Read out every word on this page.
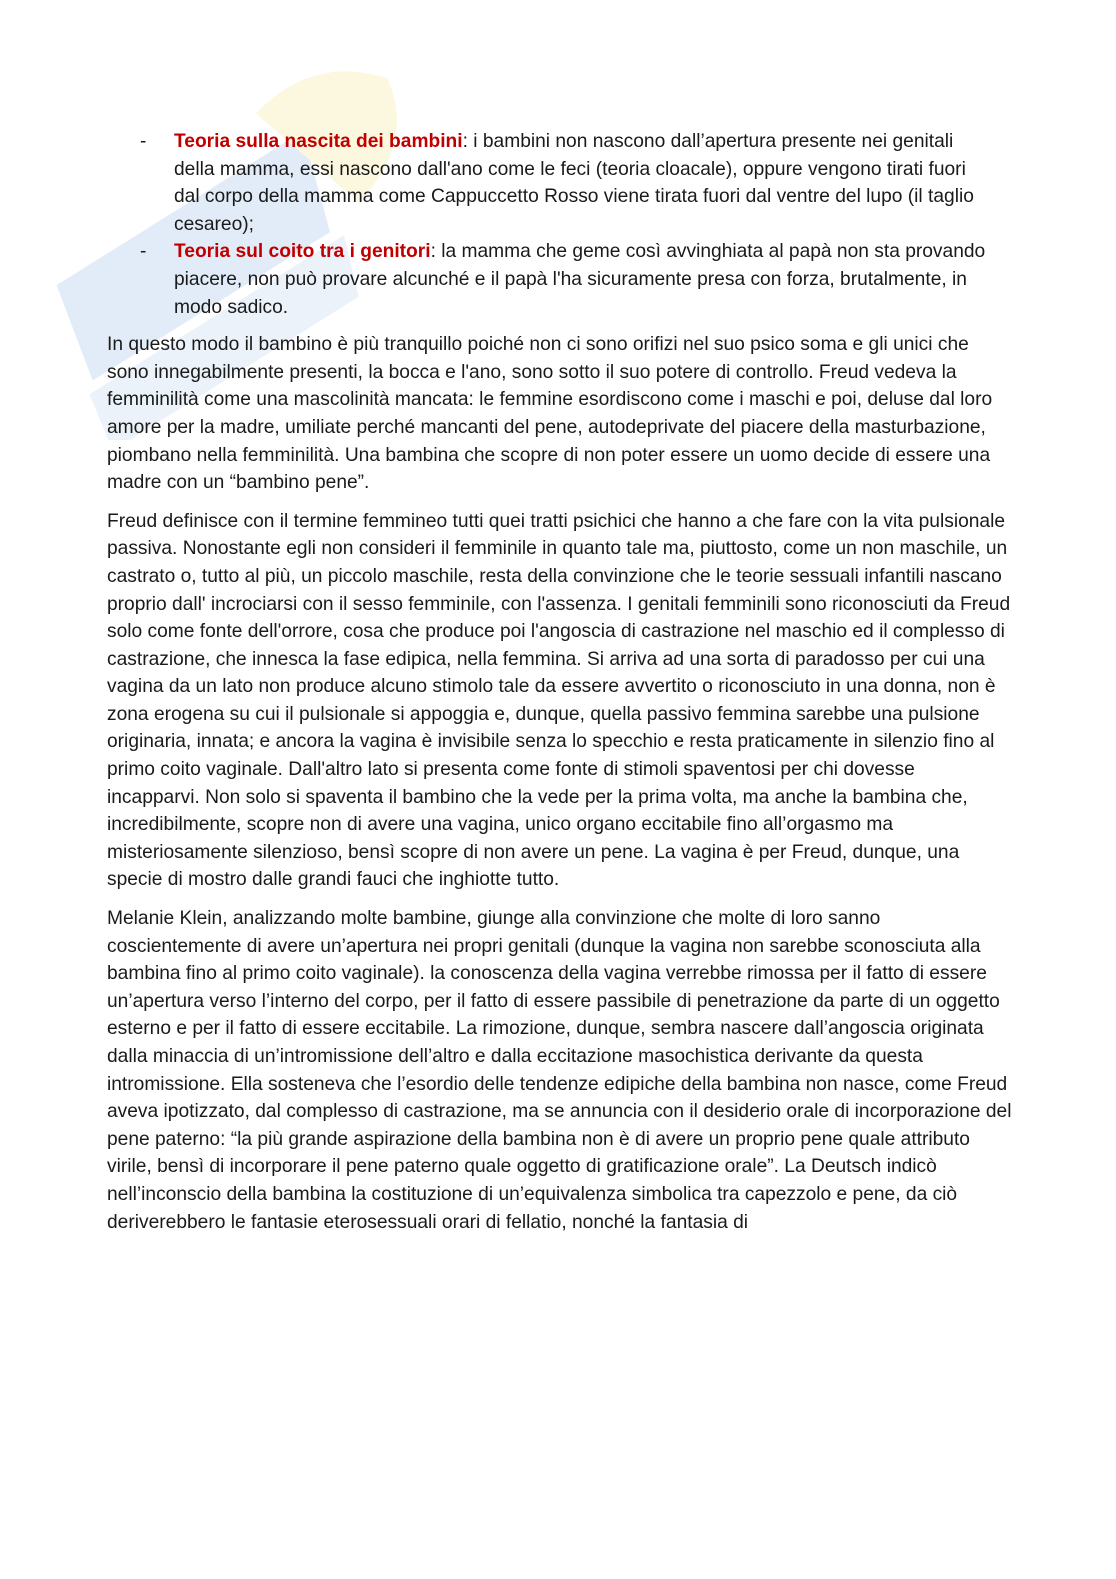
- Teoria sulla nascita dei bambini: i bambini non nascono dall’apertura presente nei genitali della mamma, essi nascono dall'ano come le feci (teoria cloacale), oppure vengono tirati fuori dal corpo della mamma come Cappuccetto Rosso viene tirata fuori dal ventre del lupo (il taglio cesareo);
- Teoria sul coito tra i genitori: la mamma che geme così avvinghiata al papà non sta provando piacere, non può provare alcunché e il papà l'ha sicuramente presa con forza, brutalmente, in modo sadico.

In questo modo il bambino è più tranquillo poiché non ci sono orifizi nel suo psico soma e gli unici che sono innegabilmente presenti, la bocca e l'ano, sono sotto il suo potere di controllo. Freud vedeva la femminilità come una mascolinità mancata: le femmine esordiscono come i maschi e poi, deluse dal loro amore per la madre, umiliate perché mancanti del pene, autodeprivate del piacere della masturbazione, piombano nella femminilità. Una bambina che scopre di non poter essere un uomo decide di essere una madre con un “bambino pene”.

Freud definisce con il termine femmineo tutti quei tratti psichici che hanno a che fare con la vita pulsionale passiva. Nonostante egli non consideri il femminile in quanto tale ma, piuttosto, come un non maschile, un castrato o, tutto al più, un piccolo maschile, resta della convinzione che le teorie sessuali infantili nascano proprio dall' incrociarsi con il sesso femminile, con l'assenza. I genitali femminili sono riconosciuti da Freud solo come fonte dell'orrore, cosa che produce poi l'angoscia di castrazione nel maschio ed il complesso di castrazione, che innesca la fase edipica, nella femmina. Si arriva ad una sorta di paradosso per cui una vagina da un lato non produce alcuno stimolo tale da essere avvertito o riconosciuto in una donna, non è zona erogena su cui il pulsionale si appoggia e, dunque, quella passivo femmina sarebbe una pulsione originaria, innata; e ancora la vagina è invisibile senza lo specchio e resta praticamente in silenzio fino al primo coito vaginale. Dall'altro lato si presenta come fonte di stimoli spaventosi per chi dovesse incapparvi. Non solo si spaventa il bambino che la vede per la prima volta, ma anche la bambina che, incredibilmente, scopre non di avere una vagina, unico organo eccitabile fino all’orgasmo ma misteriosamente silenzioso, bensì scopre di non avere un pene. La vagina è per Freud, dunque, una specie di mostro dalle grandi fauci che inghiotte tutto.

Melanie Klein, analizzando molte bambine, giunge alla convinzione che molte di loro sanno coscientemente di avere un’apertura nei propri genitali (dunque la vagina non sarebbe sconosciuta alla bambina fino al primo coito vaginale). la conoscenza della vagina verrebbe rimossa per il fatto di essere un’apertura verso l’interno del corpo, per il fatto di essere passibile di penetrazione da parte di un oggetto esterno e per il fatto di essere eccitabile. La rimozione, dunque, sembra nascere dall’angoscia originata dalla minaccia di un’intromissione dell’altro e dalla eccitazione masochistica derivante da questa intromissione. Ella sosteneva che l’esordio delle tendenze edipiche della bambina non nasce, come Freud aveva ipotizzato, dal complesso di castrazione, ma se annuncia con il desiderio orale di incorporazione del pene paterno: “la più grande aspirazione della bambina non è di avere un proprio pene quale attributo virile, bensì di incorporare il pene paterno quale oggetto di gratificazione orale”. La Deutsch indicò nell’inconscio della bambina la costituzione di un’equivalenza simbolica tra capezzolo e pene, da ciò deriverebbero le fantasie eterosessuali orari di fellatio, nonché la fantasia di
